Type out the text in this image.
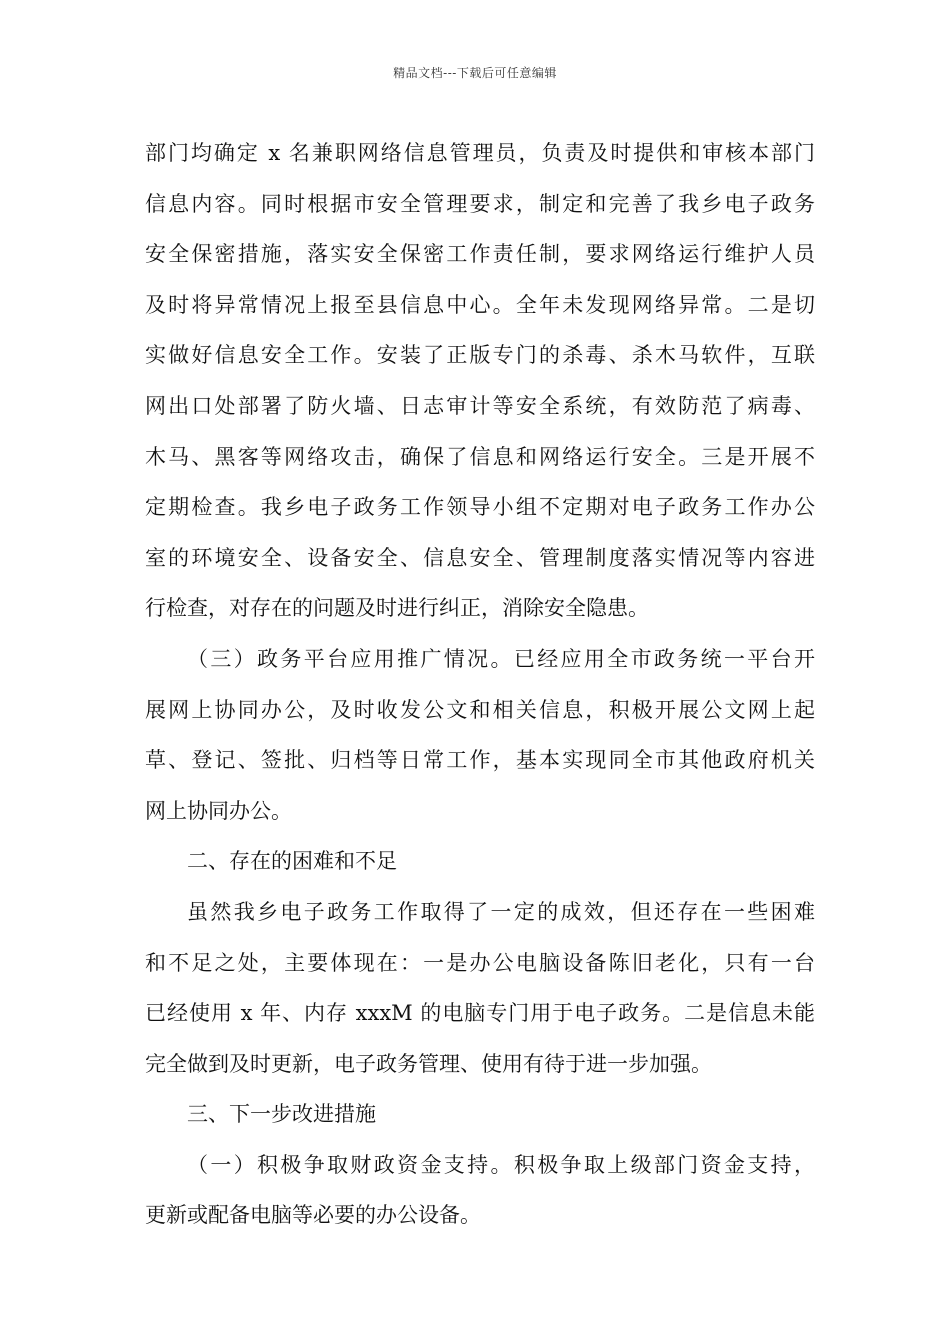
精品文档---下载后可任意编辑
部门均确定 x 名兼职网络信息管理员，负责及时提供和审核本部门
信息内容。同时根据市安全管理要求，制定和完善了我乡电子政务
安全保密措施，落实安全保密工作责任制，要求网络运行维护人员
及时将异常情况上报至县信息中心。全年未发现网络异常。二是切
实做好信息安全工作。安装了正版专门的杀毒、杀木马软件，互联
网出口处部署了防火墙、日志审计等安全系统，有效防范了病毒、
木马、黑客等网络攻击，确保了信息和网络运行安全。三是开展不
定期检查。我乡电子政务工作领导小组不定期对电子政务工作办公
室的环境安全、设备安全、信息安全、管理制度落实情况等内容进
行检查，对存在的问题及时进行纠正，消除安全隐患。
（三）政务平台应用推广情况。已经应用全市政务统一平台开
展网上协同办公，及时收发公文和相关信息，积极开展公文网上起
草、登记、签批、归档等日常工作，基本实现同全市其他政府机关
网上协同办公。
二、存在的困难和不足
虽然我乡电子政务工作取得了一定的成效，但还存在一些困难
和不足之处，主要体现在：一是办公电脑设备陈旧老化，只有一台
已经使用 x 年、内存 xxxM 的电脑专门用于电子政务。二是信息未能
完全做到及时更新，电子政务管理、使用有待于进一步加强。
三、下一步改进措施
（一）积极争取财政资金支持。积极争取上级部门资金支持，
更新或配备电脑等必要的办公设备。
